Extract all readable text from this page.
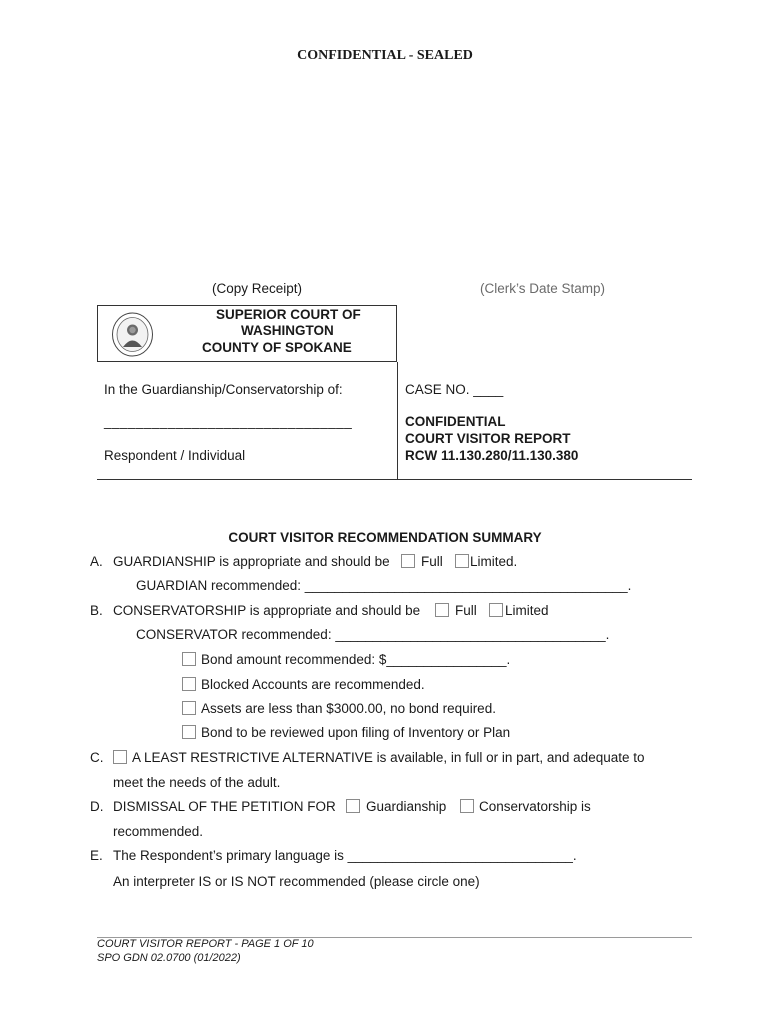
CONFIDENTIAL - SEALED
(Copy Receipt)	(Clerk’s Date Stamp)
SUPERIOR COURT OF
WASHINGTON
COUNTY OF SPOKANE
In the Guardianship/Conservatorship of:
_______________________________
Respondent / Individual
CASE NO. ____
CONFIDENTIAL
COURT VISITOR REPORT
RCW 11.130.280/11.130.380
COURT VISITOR RECOMMENDATION SUMMARY
A. GUARDIANSHIP is appropriate and should be Full Limited.
GUARDIAN recommended: ___________________________________________.
B. CONSERVATORSHIP is appropriate and should be	Full Limited
CONSERVATOR recommended: ____________________________________.
Bond amount recommended: $________________.
Blocked Accounts are recommended.
Assets are less than $3000.00, no bond required.
Bond to be reviewed upon filing of Inventory or Plan
C. A LEAST RESTRICTIVE ALTERNATIVE is available, in full or in part, and adequate to
meet the needs of the adult.
D. DISMISSAL OF THE PETITION FOR Guardianship Conservatorship is
recommended.
E. The Respondent’s primary language is ______________________________.
An interpreter IS or IS NOT recommended (please circle one)
COURT VISITOR REPORT - PAGE 1 OF 10
SPO GDN 02.0700 (01/2022)
